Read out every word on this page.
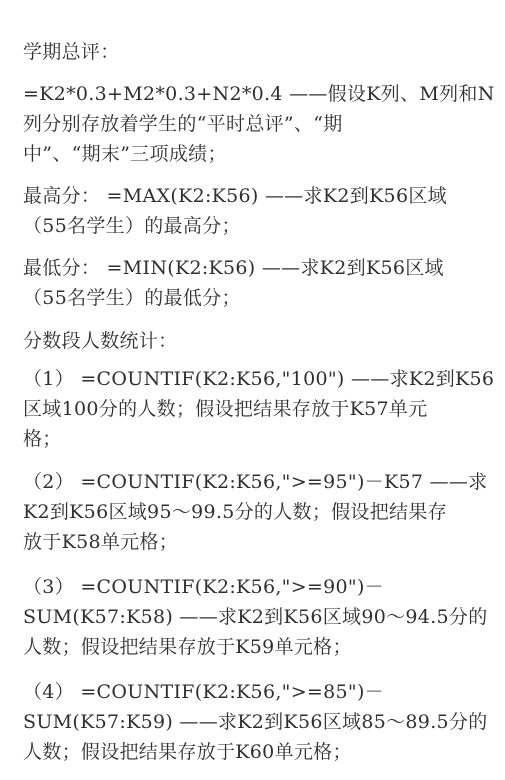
学期总评：

=K2*0.3+M2*0.3+N2*0.4 ——假设K列、M列和N
列分别存放着学生的“平时总评”、“期
中”、“期末”三项成绩；

最高分： =MAX(K2:K56) ——求K2到K56区域
（55名学生）的最高分；

最低分： =MIN(K2:K56) ——求K2到K56区域
（55名学生）的最低分；

分数段人数统计：

（1） =COUNTIF(K2:K56,"100") ——求K2到K56
区域100分的人数；假设把结果存放于K57单元
格；

（2） =COUNTIF(K2:K56,">=95")－K57 ——求
K2到K56区域95～99.5分的人数；假设把结果存
放于K58单元格；

（3） =COUNTIF(K2:K56,">=90")－
SUM(K57:K58) ——求K2到K56区域90～94.5分的
人数；假设把结果存放于K59单元格；

（4） =COUNTIF(K2:K56,">=85")－
SUM(K57:K59) ——求K2到K56区域85～89.5分的
人数；假设把结果存放于K60单元格；
